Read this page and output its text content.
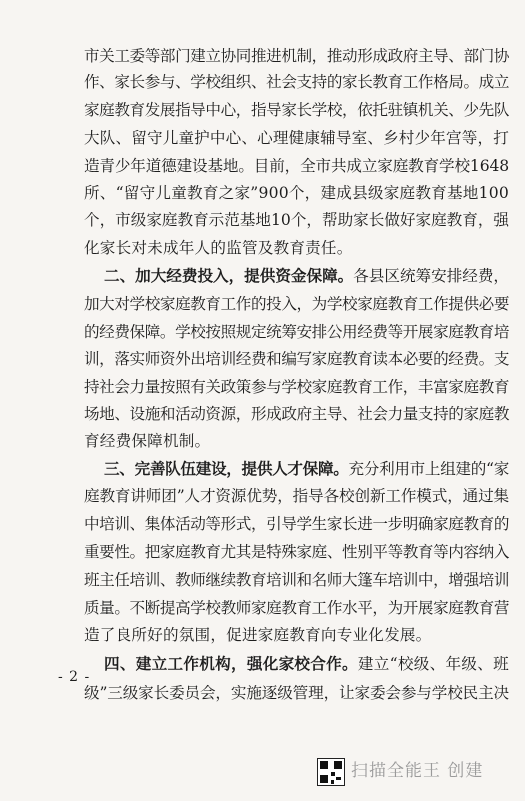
市关工委等部门建立协同推进机制，推动形成政府主导、部门协
作、家长参与、学校组织、社会支持的家长教育工作格局。成立
家庭教育发展指导中心，指导家长学校，依托驻镇机关、少先队
大队、留守儿童护中心、心理健康辅导室、乡村少年宫等，打
造青少年道德建设基地。目前，全市共成立家庭教育学校1648
所、“留守儿童教育之家”900个，建成县级家庭教育基地100
个，市级家庭教育示范基地10个，帮助家长做好家庭教育，强
化家长对未成年人的监管及教育责任。
二、加大经费投入，提供资金保障。各县区统筹安排经费，
加大对学校家庭教育工作的投入，为学校家庭教育工作提供必要
的经费保障。学校按照规定统筹安排公用经费等开展家庭教育培
训，落实师资外出培训经费和编写家庭教育读本必要的经费。支
持社会力量按照有关政策参与学校家庭教育工作，丰富家庭教育
场地、设施和活动资源，形成政府主导、社会力量支持的家庭教
育经费保障机制。
三、完善队伍建设，提供人才保障。充分利用市上组建的“家
庭教育讲师团”人才资源优势，指导各校创新工作模式，通过集
中培训、集体活动等形式，引导学生家长进一步明确家庭教育的
重要性。把家庭教育尤其是特殊家庭、性别平等教育等内容纳入
班主任培训、教师继续教育培训和名师大篷车培训中，增强培训
质量。不断提高学校教师家庭教育工作水平，为开展家庭教育营
造了良所好的氛围，促进家庭教育向专业化发展。
四、建立工作机构，强化家校合作。建立“校级、年级、班
级”三级家长委员会，实施逐级管理，让家委会参与学校民主决
- 2 -
扫描全能王 创建
